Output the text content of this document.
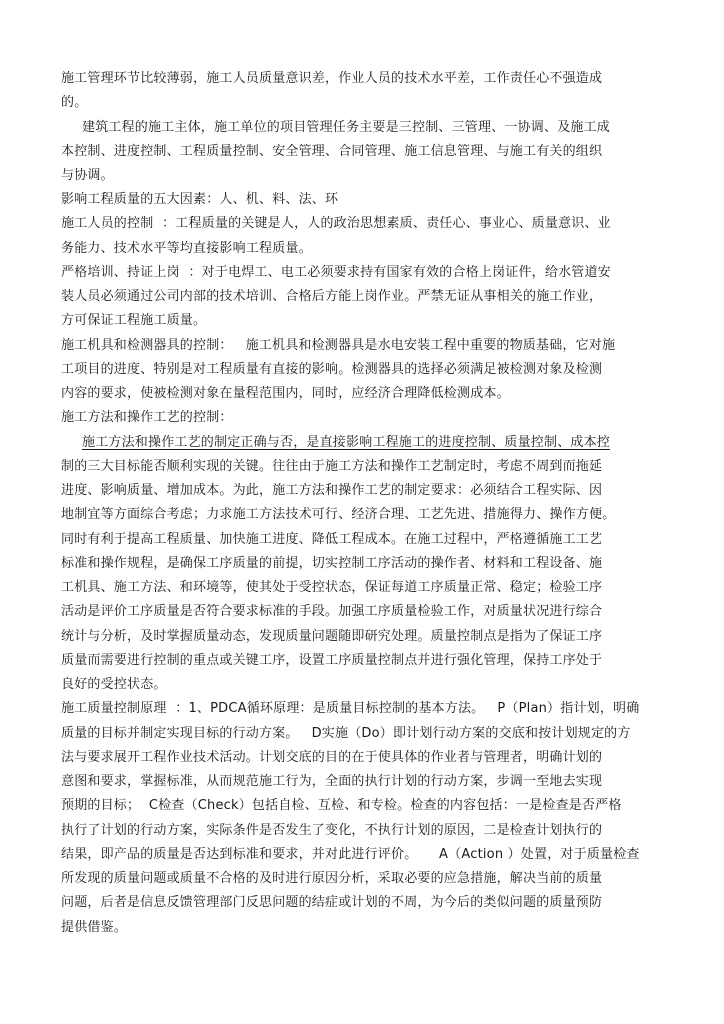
施工管理环节比较薄弱，施工人员质量意识差，作业人员的技术水平差，工作责任心不强造成
的。
建筑工程的施工主体，施工单位的项目管理任务主要是三控制、三管理、一协调、及施工成
本控制、进度控制、工程质量控制、安全管理、合同管理、施工信息管理、与施工有关的组织
与协调。
影响工程质量的五大因素：人、机、料、法、环
施工人员的控制  ：工程质量的关键是人，人的政治思想素质、责任心、事业心、质量意识、业
务能力、技术水平等均直接影响工程质量。
严格培训、持证上岗  ：对于电焊工、电工必须要求持有国家有效的合格上岗证件，给水管道安
装人员必须通过公司内部的技术培训、合格后方能上岗作业。严禁无证从事相关的施工作业，
方可保证工程施工质量。
施工机具和检测器具的控制：   施工机具和检测器具是水电安装工程中重要的物质基础，它对施
工项目的进度、特别是对工程质量有直接的影响。检测器具的选择必须满足被检测对象及检测
内容的要求，使被检测对象在量程范围内，同时，应经济合理降低检测成本。
施工方法和操作工艺的控制：
施工方法和操作工艺的制定正确与否，是直接影响工程施工的进度控制、质量控制、成本控
制的三大目标能否顺利实现的关键。往往由于施工方法和操作工艺制定时，考虑不周到而拖延
进度、影响质量、增加成本。为此，施工方法和操作工艺的制定要求：必须结合工程实际、因
地制宜等方面综合考虑；力求施工方法技术可行、经济合理、工艺先进、措施得力、操作方便。
同时有利于提高工程质量、加快施工进度、降低工程成本。在施工过程中，严格遵循施工工艺
标准和操作规程，是确保工序质量的前提，切实控制工序活动的操作者、材料和工程设备、施
工机具、施工方法、和环境等，使其处于受控状态，保证每道工序质量正常、稳定；检验工序
活动是评价工序质量是否符合要求标准的手段。加强工序质量检验工作，对质量状况进行综合
统计与分析，及时掌握质量动态，发现质量问题随即研究处理。质量控制点是指为了保证工序
质量而需要进行控制的重点或关键工序，设置工序质量控制点并进行强化管理，保持工序处于
良好的受控状态。
施工质量控制原理  ：1、PDCA循环原理：是质量目标控制的基本方法。   P（Plan）指计划，明确
质量的目标并制定实现目标的行动方案。   D实施（Do）即计划行动方案的交底和按计划规定的方
法与要求展开工程作业技术活动。计划交底的目的在于使具体的作业者与管理者，明确计划的
意图和要求，掌握标准，从而规范施工行为，全面的执行计划的行动方案，步调一至地去实现
预期的目标；  C检查（Check）包括自检、互检、和专检。检查的内容包括：一是检查是否严格
执行了计划的行动方案，实际条件是否发生了变化，不执行计划的原因，二是检查计划执行的
结果，即产品的质量是否达到标准和要求，并对此进行评价。     A（Action ）处置，对于质量检查
所发现的质量问题或质量不合格的及时进行原因分析，采取必要的应急措施，解决当前的质量
问题，后者是信息反馈管理部门反思问题的结症或计划的不周，为今后的类似问题的质量预防
提供借鉴。
